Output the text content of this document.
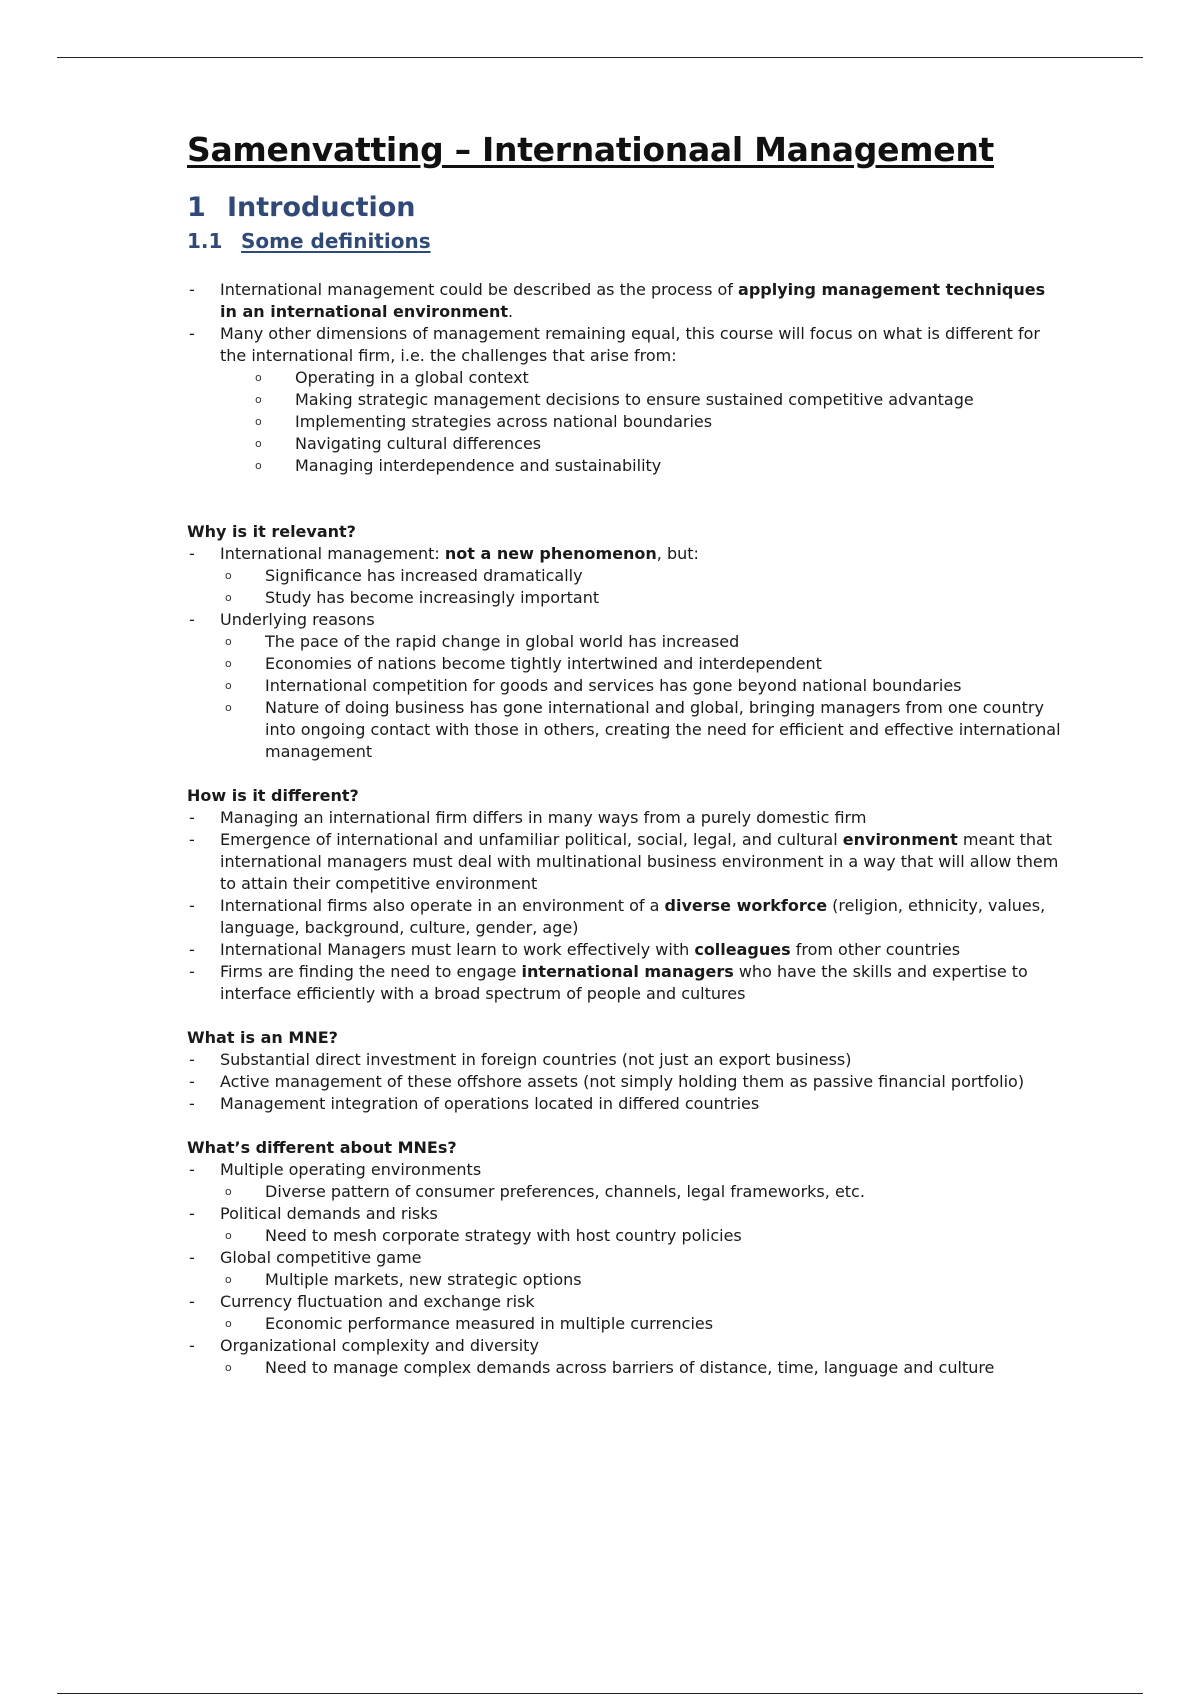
Samenvatting – Internationaal Management
1 Introduction
1.1 Some definitions
- International management could be described as the process of applying management techniques in an international environment.
- Many other dimensions of management remaining equal, this course will focus on what is different for the international firm, i.e. the challenges that arise from:
o Operating in a global context
o Making strategic management decisions to ensure sustained competitive advantage
o Implementing strategies across national boundaries
o Navigating cultural differences
o Managing interdependence and sustainability
Why is it relevant?
- International management: not a new phenomenon, but:
o Significance has increased dramatically
o Study has become increasingly important
- Underlying reasons
o The pace of the rapid change in global world has increased
o Economies of nations become tightly intertwined and interdependent
o International competition for goods and services has gone beyond national boundaries
o Nature of doing business has gone international and global, bringing managers from one country into ongoing contact with those in others, creating the need for efficient and effective international management
How is it different?
- Managing an international firm differs in many ways from a purely domestic firm
- Emergence of international and unfamiliar political, social, legal, and cultural environment meant that international managers must deal with multinational business environment in a way that will allow them to attain their competitive environment
- International firms also operate in an environment of a diverse workforce (religion, ethnicity, values, language, background, culture, gender, age)
- International Managers must learn to work effectively with colleagues from other countries
- Firms are finding the need to engage international managers who have the skills and expertise to interface efficiently with a broad spectrum of people and cultures
What is an MNE?
- Substantial direct investment in foreign countries (not just an export business)
- Active management of these offshore assets (not simply holding them as passive financial portfolio)
- Management integration of operations located in differed countries
What’s different about MNEs?
- Multiple operating environments
o Diverse pattern of consumer preferences, channels, legal frameworks, etc.
- Political demands and risks
o Need to mesh corporate strategy with host country policies
- Global competitive game
o Multiple markets, new strategic options
- Currency fluctuation and exchange risk
o Economic performance measured in multiple currencies
- Organizational complexity and diversity
o Need to manage complex demands across barriers of distance, time, language and culture
